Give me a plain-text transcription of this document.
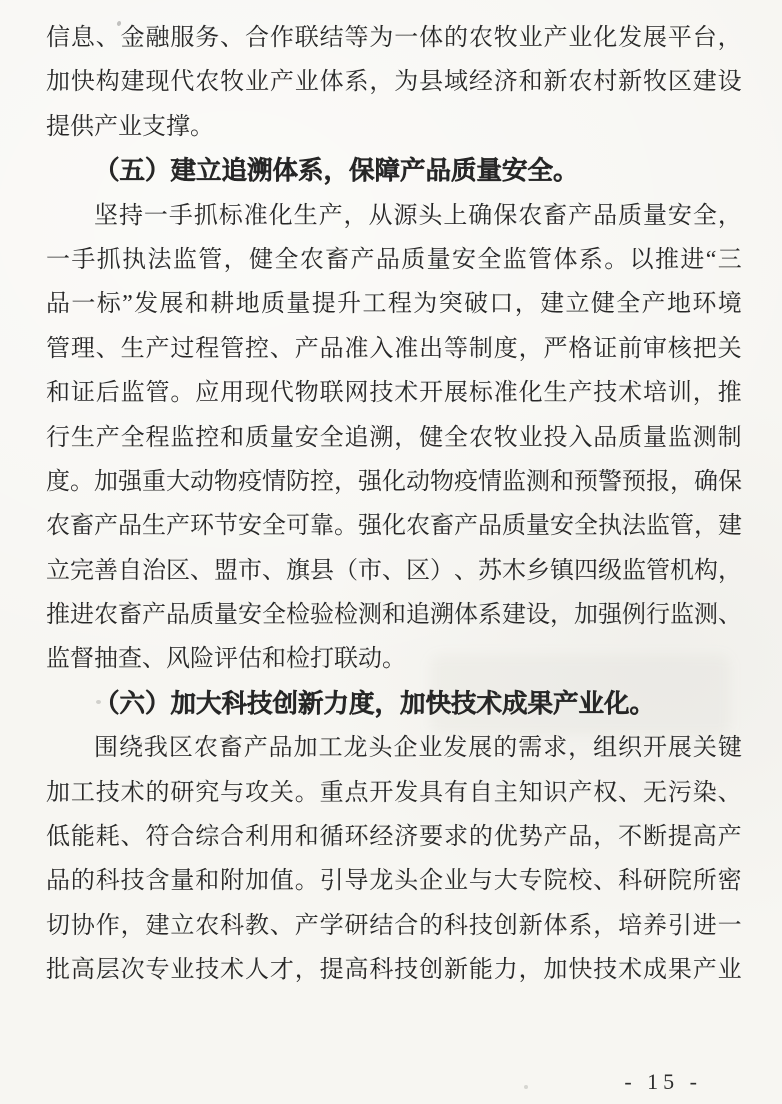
信 息 、 金 融 服 务 、 合 作 联 结 等 为 一 体 的 农 牧 业 产 业 化 发 展 平 台 ，
加 快 构 建 现 代 农 牧 业 产 业 体 系 ， 为 县 域 经 济 和 新 农 村 新 牧 区 建 设
提供产业支撑。
（五）建立追溯体系，保障产品质量安全。
坚 持 一 手 抓 标 准 化 生 产 ， 从 源 头 上 确 保 农 畜 产 品 质 量 安 全 ，
一 手 抓 执 法 监 管 ， 健 全 农 畜 产 品 质 量 安 全 监 管 体 系 。 以 推 进 “ 三
品 一 标 ” 发 展 和 耕 地 质 量 提 升 工 程 为 突 破 口 ， 建 立 健 全 产 地 环 境
管 理 、 生 产 过 程 管 控 、 产 品 准 入 准 出 等 制 度 ， 严 格 证 前 审 核 把 关
和 证 后 监 管 。 应 用 现 代 物 联 网 技 术 开 展 标 准 化 生 产 技 术 培 训 ， 推
行 生 产 全 程 监 控 和 质 量 安 全 追 溯 ， 健 全 农 牧 业 投 入 品 质 量 监 测 制
度 。 加 强 重 大 动 物 疫 情 防 控 ， 强 化 动 物 疫 情 监 测 和 预 警 预 报 ， 确 保
农 畜 产 品 生 产 环 节 安 全 可 靠 。 强 化 农 畜 产 品 质 量 安 全 执 法 监 管 ， 建
立 完 善 自 治 区 、 盟 市 、 旗 县 （ 市 、 区 ） 、 苏 木 乡 镇 四 级 监 管 机 构 ，
推 进 农 畜 产 品 质 量 安 全 检 验 检 测 和 追 溯 体 系 建 设 ， 加 强 例 行 监 测 、
监督抽查、风险评估和检打联动。
（六）加大科技创新力度，加快技术成果产业化。
围 绕 我 区 农 畜 产 品 加 工 龙 头 企 业 发 展 的 需 求 ， 组 织 开 展 关 键
加 工 技 术 的 研 究 与 攻 关 。 重 点 开 发 具 有 自 主 知 识 产 权 、 无 污 染 、
低 能 耗 、 符 合 综 合 利 用 和 循 环 经 济 要 求 的 优 势 产 品 ， 不 断 提 高 产
品 的 科 技 含 量 和 附 加 值 。 引 导 龙 头 企 业 与 大 专 院 校 、 科 研 院 所 密
切 协 作 ， 建 立 农 科 教 、 产 学 研 结 合 的 科 技 创 新 体 系 ， 培 养 引 进 一
批 高 层 次 专 业 技 术 人 才 ， 提 高 科 技 创 新 能 力 ， 加 快 技 术 成 果 产 业
- 15 -
